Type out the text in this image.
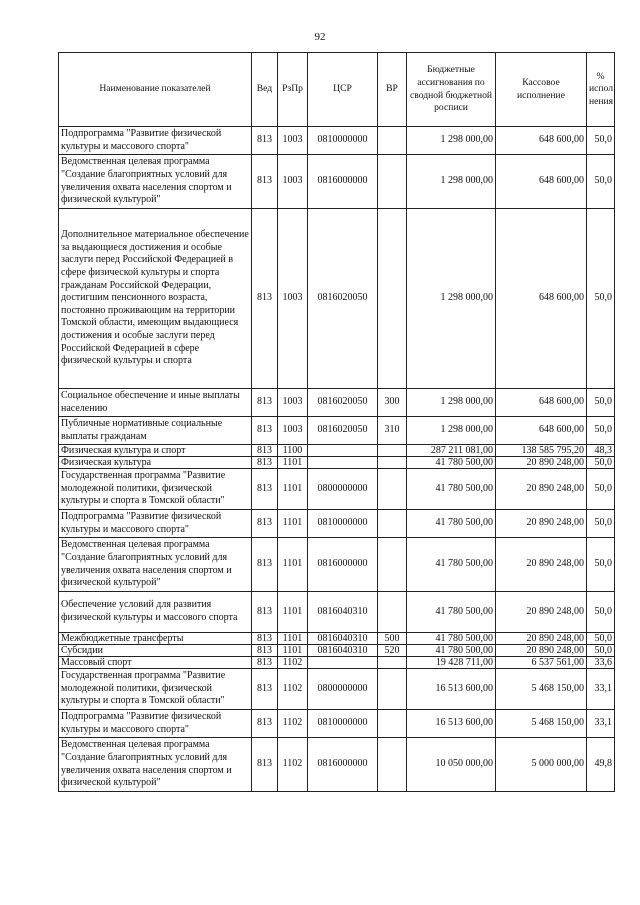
92
Наименование показателей	Вед	РзПр	ЦСР	ВР	Бюджетные ассигнования по сводной бюджетной росписи	Кассовое исполнение	% испол нения
Подпрограмма "Развитие физической культуры и массового спорта"	813	1003	0810000000		1 298 000,00	648 600,00	50,0
Ведомственная целевая программа "Создание благоприятных условий для увеличения охвата населения спортом и физической культурой"	813	1003	0816000000		1 298 000,00	648 600,00	50,0
Дополнительное материальное обеспечение за выдающиеся достижения и особые заслуги перед Российской Федерацией в сфере физической культуры и спорта гражданам Российской Федерации, достигшим пенсионного возраста, постоянно проживающим на территории Томской области, имеющим выдающиеся достижения и особые заслуги перед Российской Федерацией в сфере физической культуры и спорта	813	1003	0816020050		1 298 000,00	648 600,00	50,0
Социальное обеспечение и иные выплаты населению	813	1003	0816020050	300	1 298 000,00	648 600,00	50,0
Публичные нормативные социальные выплаты гражданам	813	1003	0816020050	310	1 298 000,00	648 600,00	50,0
Физическая культура и спорт	813	1100			287 211 081,00	138 585 795,20	48,3
Физическая культура	813	1101			41 780 500,00	20 890 248,00	50,0
Государственная программа "Развитие молодежной политики, физической культуры и спорта в Томской области"	813	1101	0800000000		41 780 500,00	20 890 248,00	50,0
Подпрограмма "Развитие физической культуры и массового спорта"	813	1101	0810000000		41 780 500,00	20 890 248,00	50,0
Ведомственная целевая программа "Создание благоприятных условий для увеличения охвата населения спортом и физической культурой"	813	1101	0816000000		41 780 500,00	20 890 248,00	50,0
Обеспечение условий для развития физической культуры и массового спорта	813	1101	0816040310		41 780 500,00	20 890 248,00	50,0
Межбюджетные трансферты	813	1101	0816040310	500	41 780 500,00	20 890 248,00	50,0
Субсидии	813	1101	0816040310	520	41 780 500,00	20 890 248,00	50,0
Массовый спорт	813	1102			19 428 711,00	6 537 561,00	33,6
Государственная программа "Развитие молодежной политики, физической культуры и спорта в Томской области"	813	1102	0800000000		16 513 600,00	5 468 150,00	33,1
Подпрограмма "Развитие физической культуры и массового спорта"	813	1102	0810000000		16 513 600,00	5 468 150,00	33,1
Ведомственная целевая программа "Создание благоприятных условий для увеличения охвата населения спортом и физической культурой"	813	1102	0816000000		10 050 000,00	5 000 000,00	49,8
